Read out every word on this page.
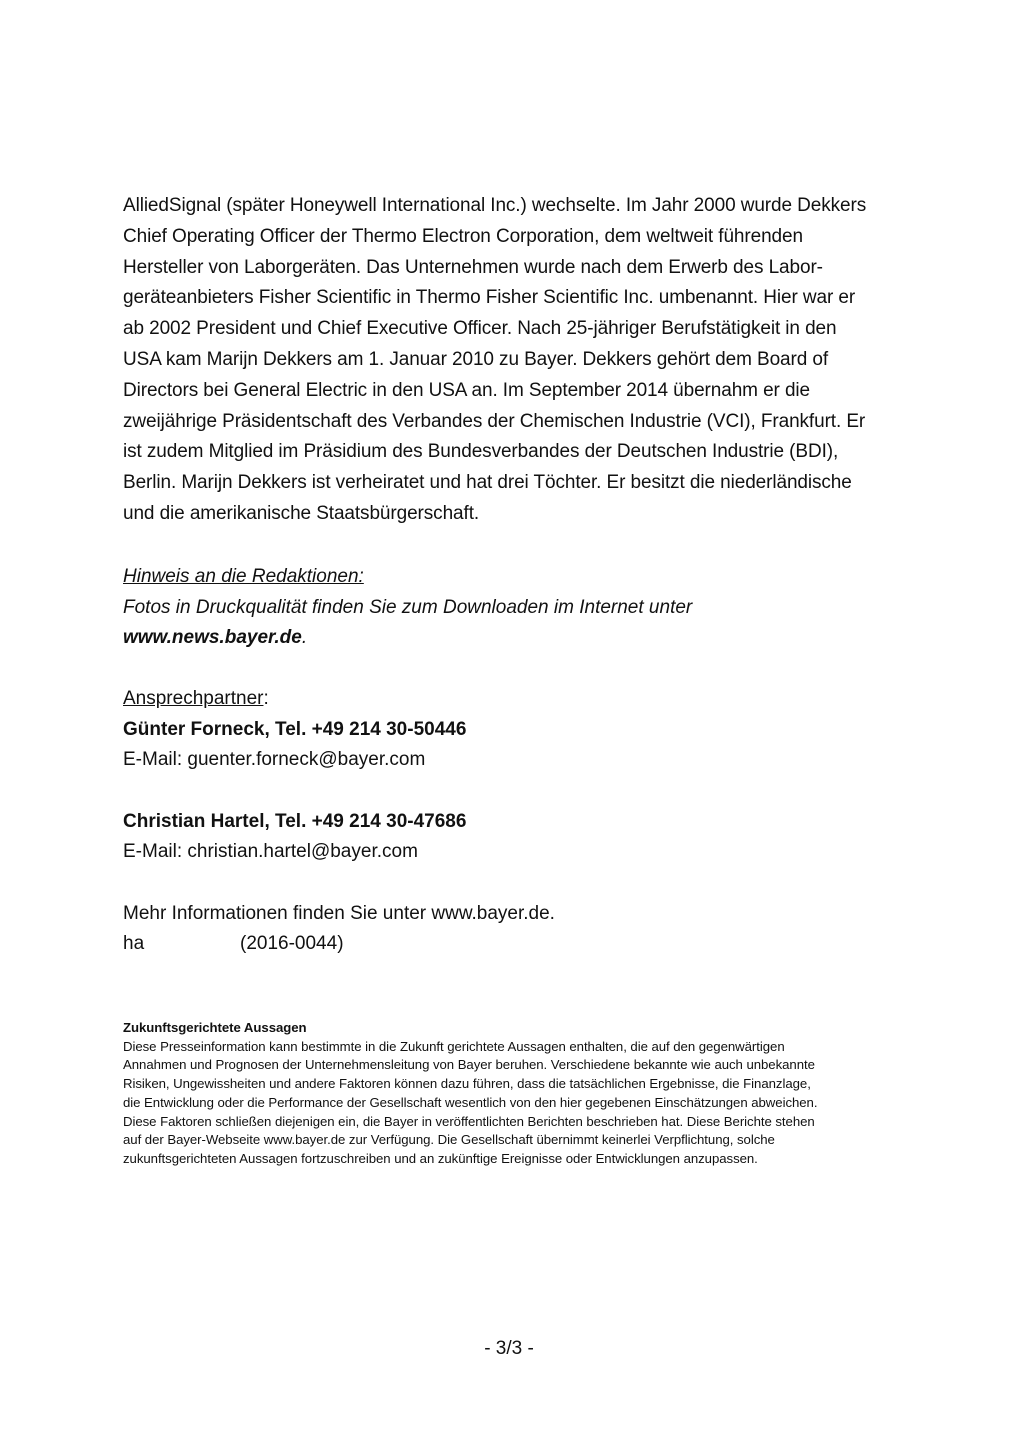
AlliedSignal (später Honeywell International Inc.) wechselte. Im Jahr 2000 wurde Dekkers
Chief Operating Officer der Thermo Electron Corporation, dem weltweit führenden
Hersteller von Laborgeräten. Das Unternehmen wurde nach dem Erwerb des Labor-
geräteanbieters Fisher Scientific in Thermo Fisher Scientific Inc. umbenannt. Hier war er
ab 2002 President und Chief Executive Officer. Nach 25-jähriger Berufstätigkeit in den
USA kam Marijn Dekkers am 1. Januar 2010 zu Bayer. Dekkers gehört dem Board of
Directors bei General Electric in den USA an. Im September 2014 übernahm er die
zweijährige Präsidentschaft des Verbandes der Chemischen Industrie (VCI), Frankfurt. Er
ist zudem Mitglied im Präsidium des Bundesverbandes der Deutschen Industrie (BDI),
Berlin. Marijn Dekkers ist verheiratet und hat drei Töchter. Er besitzt die niederländische
und die amerikanische Staatsbürgerschaft.
Hinweis an die Redaktionen:
Fotos in Druckqualität finden Sie zum Downloaden im Internet unter
www.news.bayer.de.
Ansprechpartner:
Günter Forneck, Tel. +49 214 30-50446
E-Mail: guenter.forneck@bayer.com
Christian Hartel, Tel. +49 214 30-47686
E-Mail: christian.hartel@bayer.com
Mehr Informationen finden Sie unter www.bayer.de.
ha	(2016-0044)
Zukunftsgerichtete Aussagen
Diese Presseinformation kann bestimmte in die Zukunft gerichtete Aussagen enthalten, die auf den gegenwärtigen
Annahmen und Prognosen der Unternehmensleitung von Bayer beruhen. Verschiedene bekannte wie auch unbekannte
Risiken, Ungewissheiten und andere Faktoren können dazu führen, dass die tatsächlichen Ergebnisse, die Finanzlage,
die Entwicklung oder die Performance der Gesellschaft wesentlich von den hier gegebenen Einschätzungen abweichen.
Diese Faktoren schließen diejenigen ein, die Bayer in veröffentlichten Berichten beschrieben hat. Diese Berichte stehen
auf der Bayer-Webseite www.bayer.de zur Verfügung. Die Gesellschaft übernimmt keinerlei Verpflichtung, solche
zukunftsgerichteten Aussagen fortzuschreiben und an zukünftige Ereignisse oder Entwicklungen anzupassen.
- 3/3 -
